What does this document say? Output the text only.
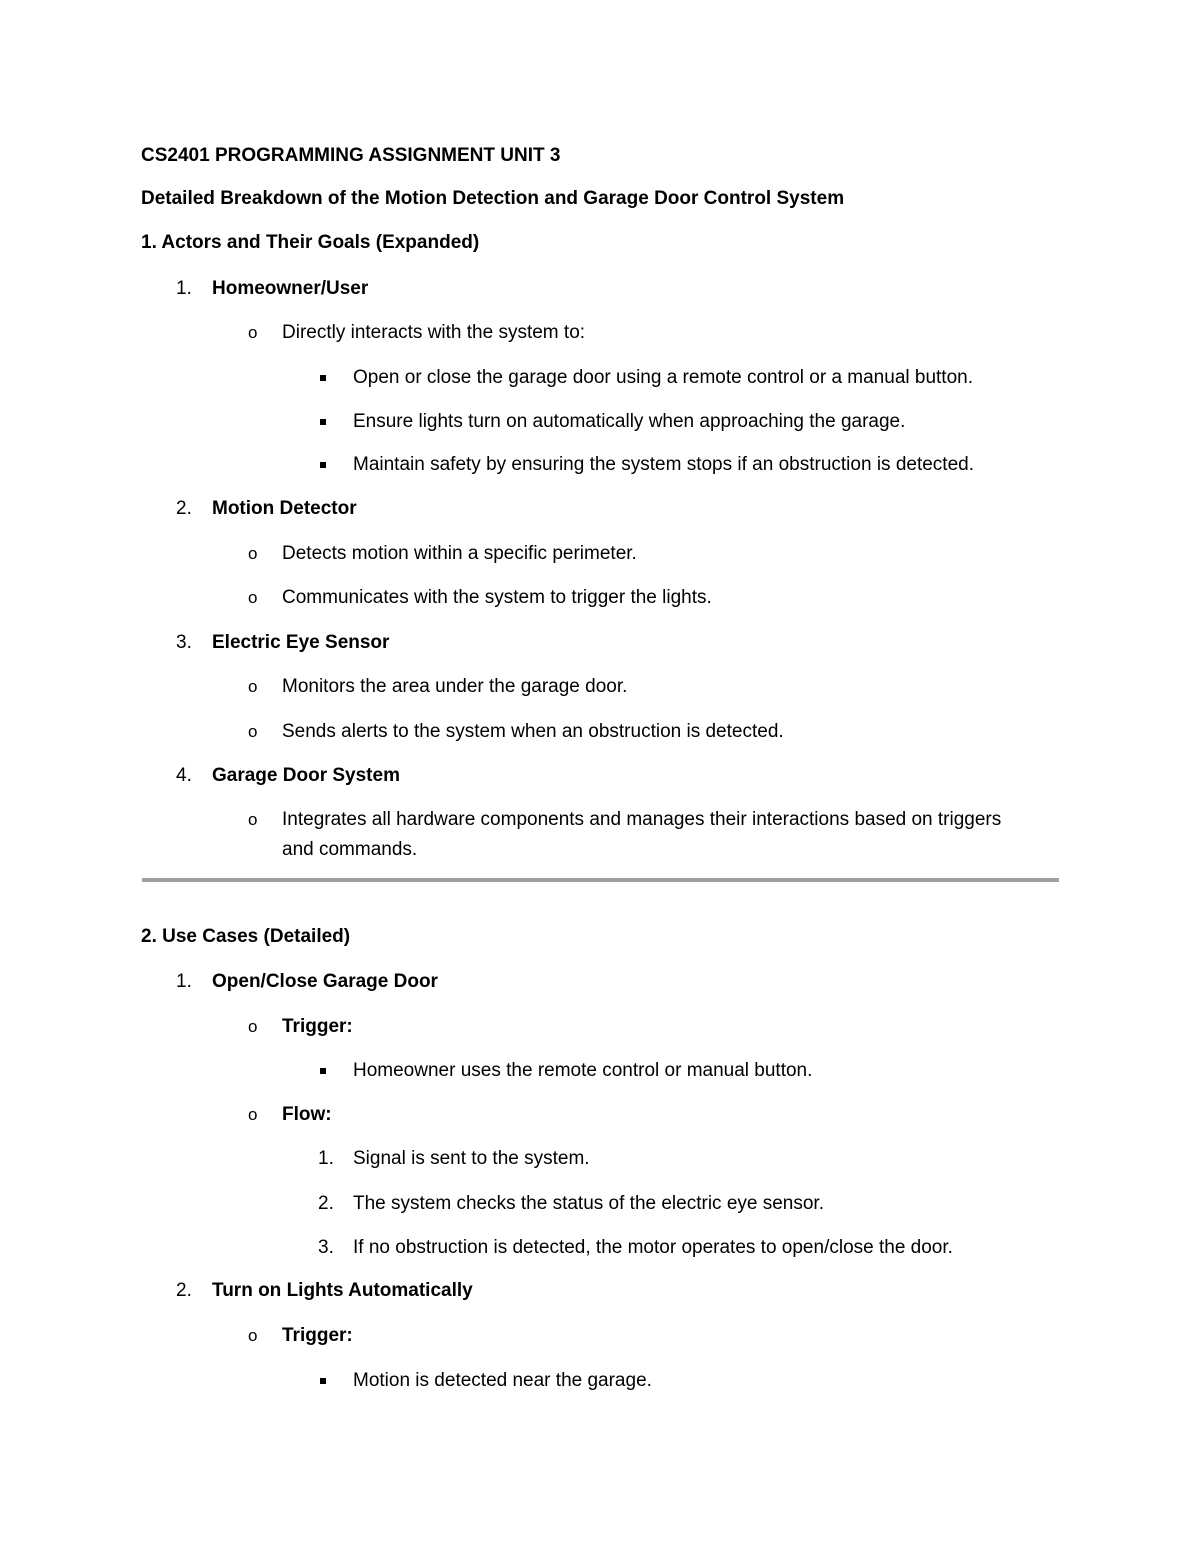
CS2401 PROGRAMMING ASSIGNMENT UNIT 3
Detailed Breakdown of the Motion Detection and Garage Door Control System
1. Actors and Their Goals (Expanded)
1. Homeowner/User
o Directly interacts with the system to:
Open or close the garage door using a remote control or a manual button.
Ensure lights turn on automatically when approaching the garage.
Maintain safety by ensuring the system stops if an obstruction is detected.
2. Motion Detector
o Detects motion within a specific perimeter.
o Communicates with the system to trigger the lights.
3. Electric Eye Sensor
o Monitors the area under the garage door.
o Sends alerts to the system when an obstruction is detected.
4. Garage Door System
o Integrates all hardware components and manages their interactions based on triggers
and commands.
2. Use Cases (Detailed)
1. Open/Close Garage Door
o Trigger:
Homeowner uses the remote control or manual button.
o Flow:
1. Signal is sent to the system.
2. The system checks the status of the electric eye sensor.
3. If no obstruction is detected, the motor operates to open/close the door.
2. Turn on Lights Automatically
o Trigger:
Motion is detected near the garage.
